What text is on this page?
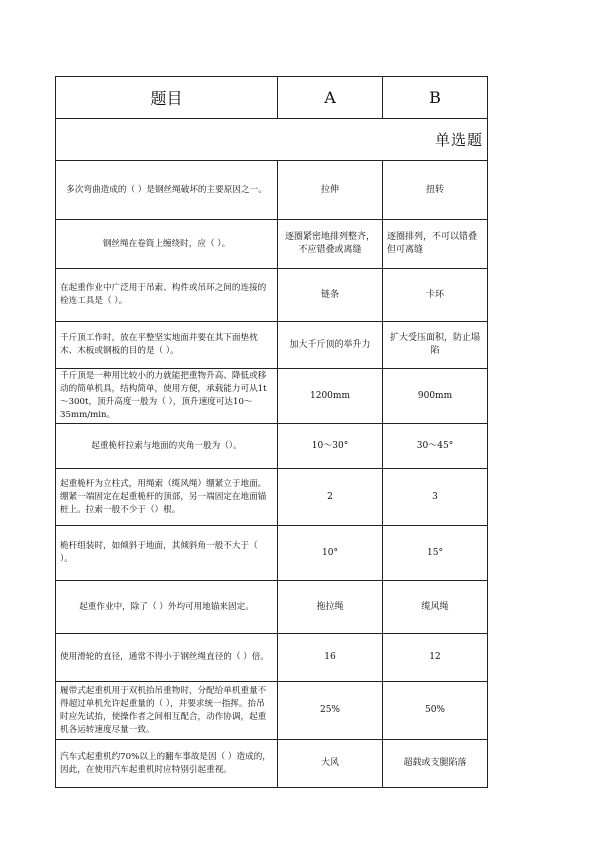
题目	A	B
单选题		
多次弯曲造成的（ ）是钢丝绳破坏的主要原因之一。	拉伸	扭转
钢丝绳在卷筒上缠绕时，应（ ）。	逐圈紧密地排列整齐，不应错叠或离缝	逐圈排列，不可以错叠但可离缝
在起重作业中广泛用于吊索、构件或吊环之间的连接的栓连工具是（ ）。	链条	卡环
千斤顶工作时，放在平整坚实地面并要在其下面垫枕木、木板或钢板的目的是（ ）。	加大千斤顶的举升力	扩大受压面积，防止塌陷
千斤顶是一种用比较小的力就能把重物升高、降低或移动的简单机具，结构简单，使用方便，承载能力可从1t～300t，顶升高度一般为（ ），顶升速度可达10～35mm/min。	1200mm	900mm
起重桅杆拉索与地面的夹角一般为（）。	10～30°	30～45°
起重桅杆为立柱式，用绳索（缆风绳）绷紧立于地面。绷紧一端固定在起重桅杆的顶部，另一端固定在地面锚桩上。拉索一般不少于（）根。	2	3
桅杆组装时，如倾斜于地面，其倾斜角一般不大于（ ）。	10°	15°
起重作业中，除了（ ）外均可用地锚来固定。	拖拉绳	缆风绳
使用滑轮的直径，通常不得小于钢丝绳直径的（ ）倍。	16	12
履带式起重机用于双机抬吊重物时，分配给单机重量不得超过单机允许起重量的（ ），并要求统一指挥。抬吊时应先试抬，使操作者之间相互配合，动作协调，起重机各运转速度尽量一致。	25%	50%
汽车式起重机约70%以上的翻车事故是因（ ）造成的，因此，在使用汽车起重机时应特别引起重视。	大风	超载或支腿陷落
